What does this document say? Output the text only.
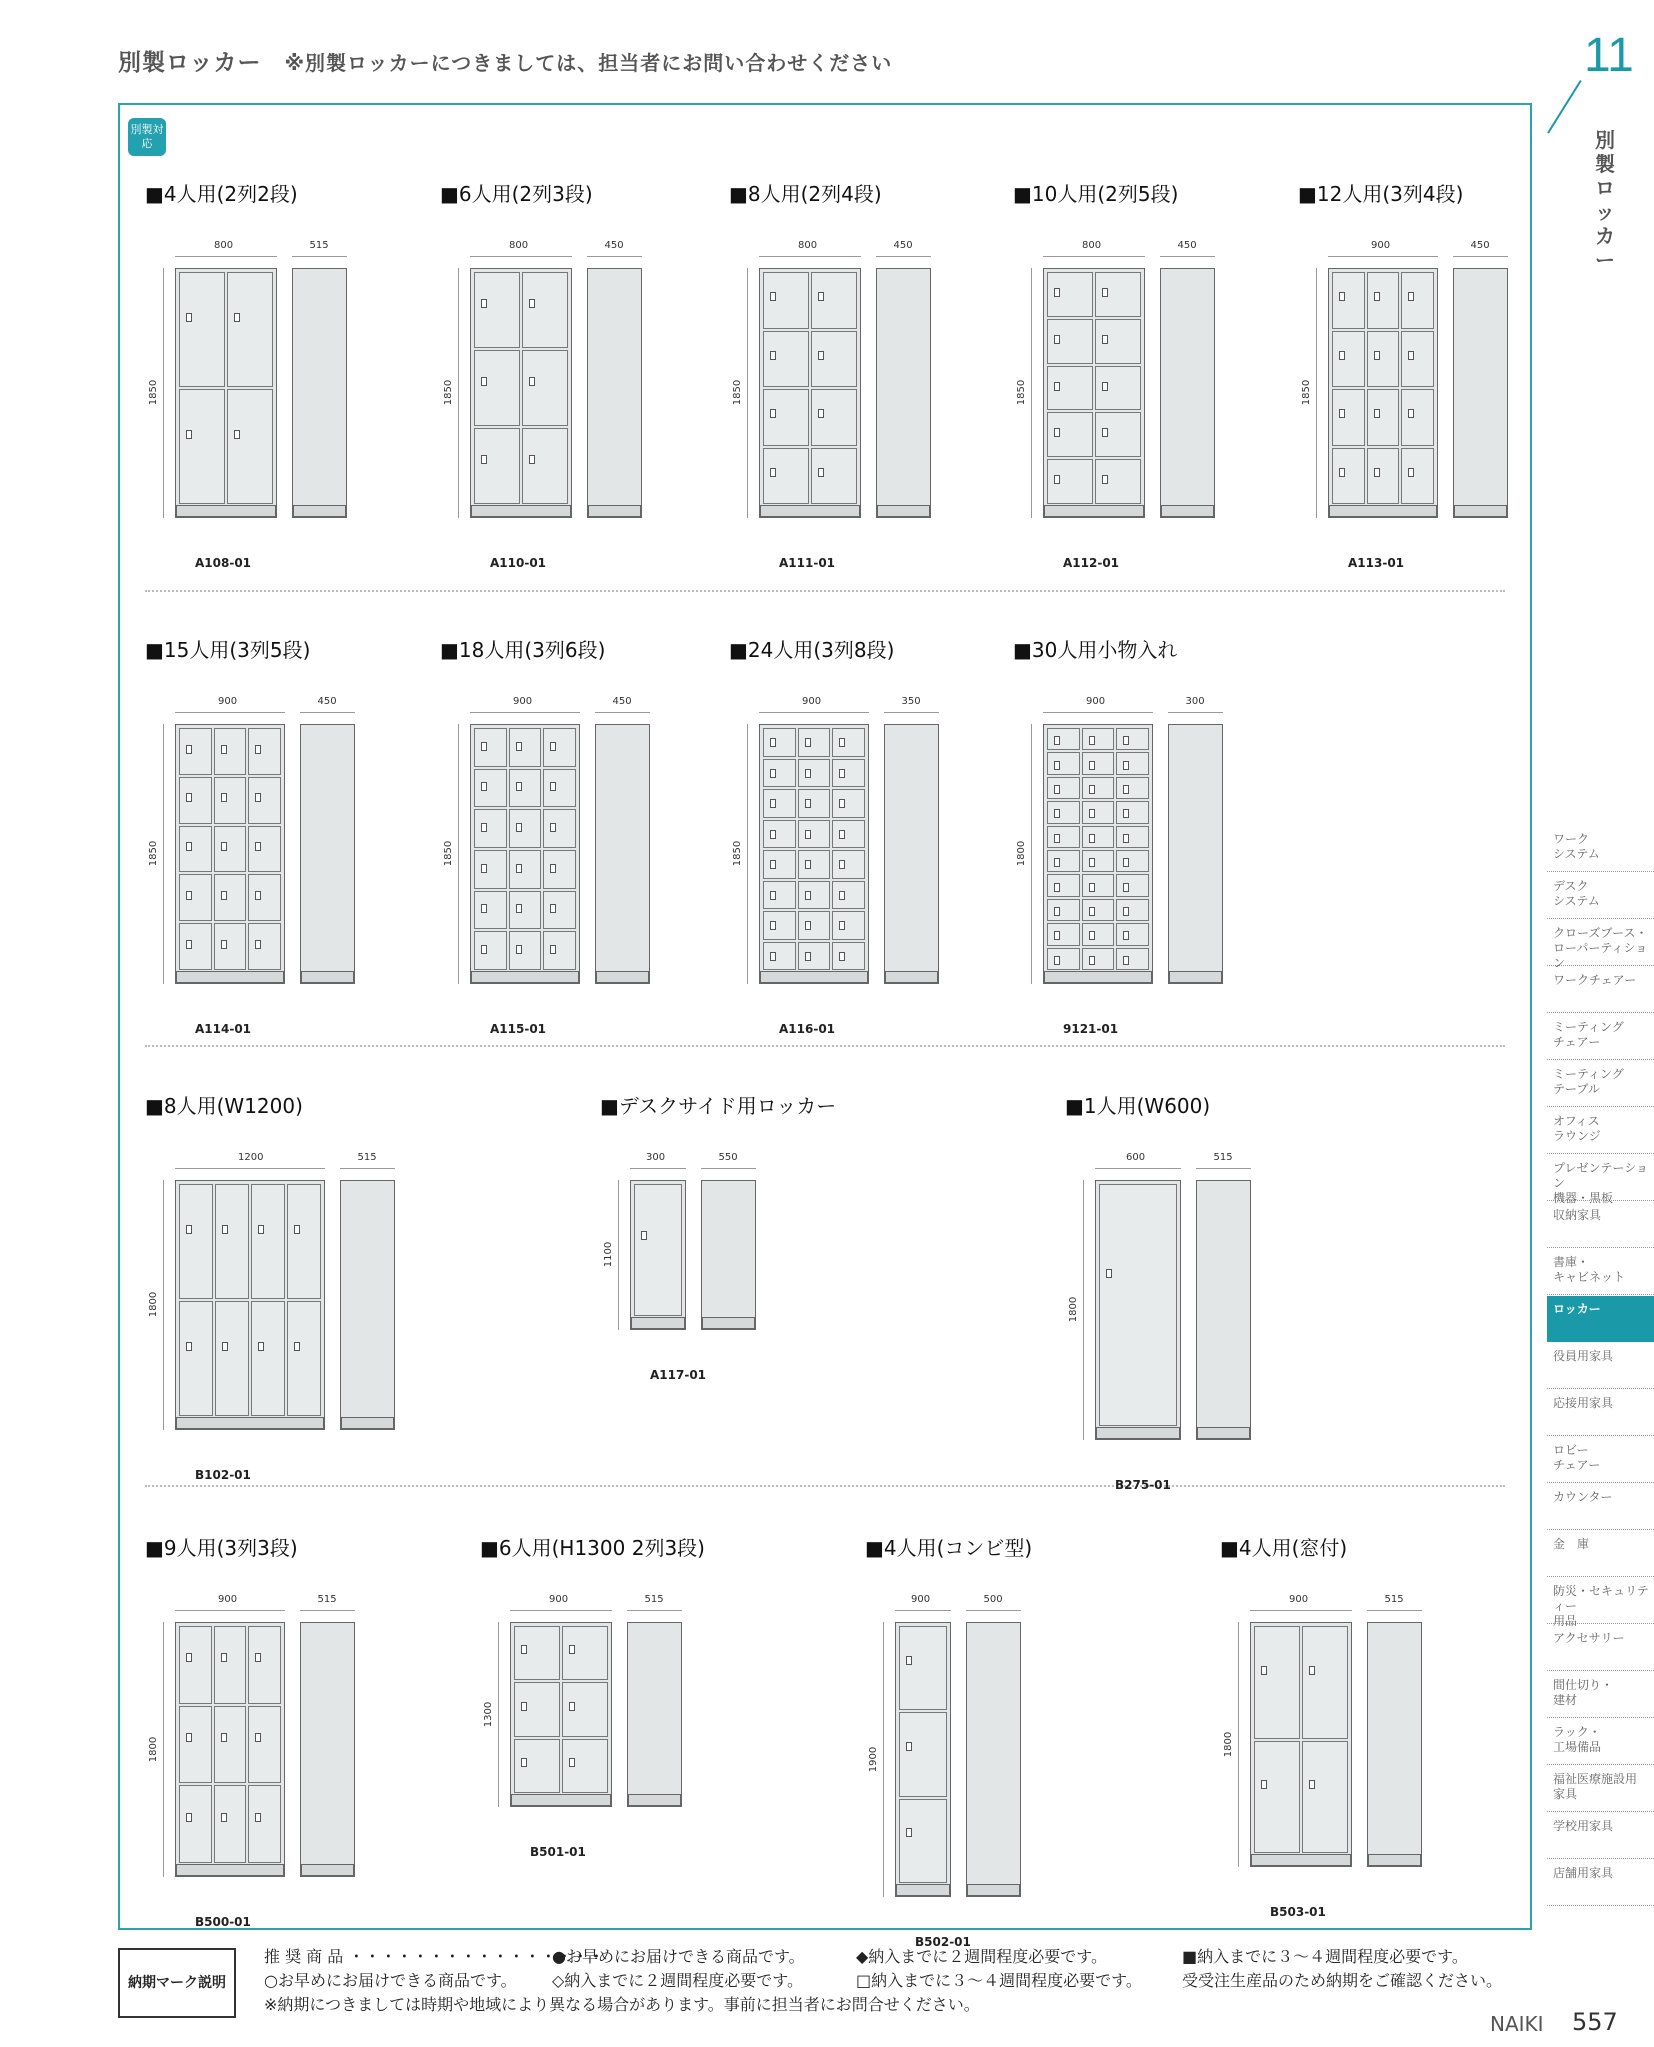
別製ロッカー ※別製ロッカーにつきましては、担当者にお問い合わせください	11
別
製
ロ
ッ
カ
ー
別製対応
■4人用(2列2段)
800
1850
515
A108-01
■6人用(2列3段)
800
1850
450
A110-01
■8人用(2列4段)
800
1850
450
A111-01
■10人用(2列5段)
800
1850
450
A112-01
■12人用(3列4段)
900
1850
450
A113-01
■15人用(3列5段)
900
1850
450
A114-01
■18人用(3列6段)
900
1850
450
A115-01
■24人用(3列8段)
900
1850
350
A116-01
■30人用小物入れ
900
1800
300
9121-01
■8人用(W1200)
1200
1800
515
B102-01
■デスクサイド用ロッカー
300
1100
550
A117-01
■1人用(W600)
600
1800
515
B275-01
■9人用(3列3段)
900
1800
515
B500-01
■6人用(H1300 2列3段)
900
1300
515
B501-01
■4人用(コンビ型)
900
1900
500
B502-01
■4人用(窓付)
900
1800
515
B503-01
ワーク
システム
デスク
システム
クローズブース・
ローパーティション
ワークチェアー
ミーティング
チェアー
ミーティング
テーブル
オフィス
ラウンジ
プレゼンテーション
機器・黒板
収納家具
書庫・
キャビネット
ロッカー
役員用家具
応接用家具
ロビー
チェアー
カウンター
金　庫
防災・セキュリティー
用品
アクセサリー
間仕切り・
建材
ラック・
工場備品
福祉医療施設用
家具
学校用家具
店舗用家具
納期マーク説明
推 奨 商 品 ・・・・・・・・・・・・・・・・
●お早めにお届けできる商品です。	◆納入までに２週間程度必要です。	■納入までに３～４週間程度必要です。
○お早めにお届けできる商品です。 ◇納入までに２週間程度必要です。	□納入までに３～４週間程度必要です。	受受注生産品のため納期をご確認ください。
※納期につきましては時期や地域により異なる場合があります。事前に担当者にお問合せください。
NAIKI 557
